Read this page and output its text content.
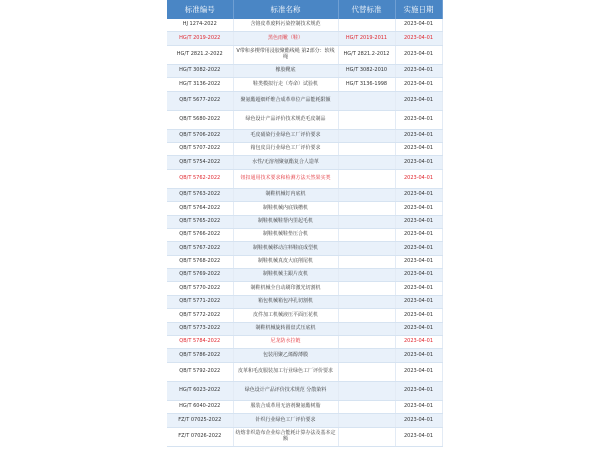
标准编号	标准名称	代替标准	实施日期
HJ 1274-2022	含铬皮革废料污染控制技术规范		2023-04-01
HG/T 2019-2022	黑色雨靴（鞋）	HG/T 2019-2011	2023-04-01
HG/T 2821.2-2022	V带和多楔带用浸胶聚酯线绳 第2部分：软线绳	HG/T 2821.2-2012	2023-04-01
HG/T 3082-2022	橡胶靴底	HG/T 3082-2010	2023-04-01
HG/T 3136-2022	鞋类模拟行走（寿命）试验机	HG/T 3136-1998	2023-04-01
QB/T 5677-2022	聚氨酯超细纤维合成革单位产品能耗限额		2023-04-01
QB/T 5680-2022	绿色设计产品评价技术规范毛皮制品		2023-04-01
QB/T 5706-2022	毛皮硝染行业绿色工厂评价要求		2023-04-01
QB/T 5707-2022	箱包皮具行业绿色工厂评价要求		2023-04-01
QB/T 5754-2022	水性/无溶剂聚氨酯复合人造革		2023-04-01
QB/T 5762-2022	钮扣通用技术要求和检测方法天然果实类		2023-04-01
QB/T 5763-2022	制鞋机械钉内底机		2023-04-01
QB/T 5764-2022	制鞋机械内底钱槽机		2023-04-01
QB/T 5765-2022	制鞋机械鞋帮内里起毛机		2023-04-01
QB/T 5766-2022	制鞋机械鞋垫压合机		2023-04-01
QB/T 5767-2022	制鞋机械移动注料鞋底成型机		2023-04-01
QB/T 5768-2022	制鞋机械真皮大底削尾机		2023-04-01
QB/T 5769-2022	制鞋机械主跟片皮机		2023-04-01
QB/T 5770-2022	制鞋机械全自动刷印激光切割机		2023-04-01
QB/T 5771-2022	箱包机械箱包冲孔切割机		2023-04-01
QB/T 5772-2022	皮件加工机械液压平面压花机		2023-04-01
QB/T 5773-2022	制鞋机械旋转圆盘式压底机		2023-04-01
QB/T 5784-2022	尼龙防水拉链		2023-04-01
QB/T 5786-2022	包装用聚乙烯醇薄膜		2023-04-01
QB/T 5792-2022	皮革和毛皮服装加工行业绿色工厂评价要求		2023-04-01
HG/T 6023-2022	绿色设计产品评价技术规范 分散染料		2023-04-01
HG/T 6040-2022	服装合成革用无溶剂聚氨酯树脂		2023-04-01
FZ/T 07025-2022	针织行业绿色工厂评价要求		2023-04-01
FZ/T 07026-2022	纺熔非织造布企业综合能耗计算办法及基本定额		2023-04-01
